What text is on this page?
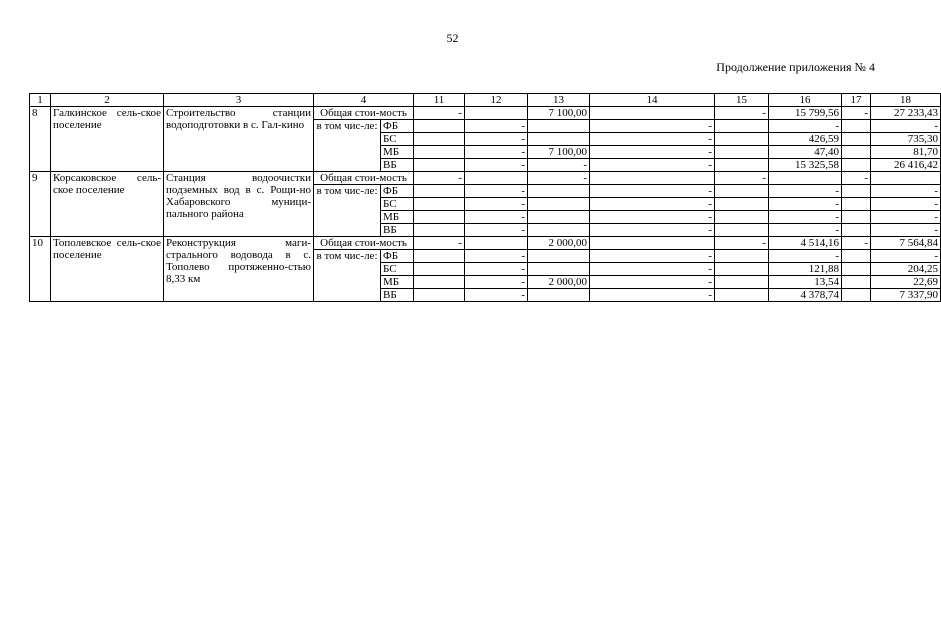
52
Продолжение приложения № 4
1	2	3	4		11	12	13	14	15	16	17	18
8	Галкинское сель-ское поселение	Строительство станции водоподготовки в с. Гал-кино	Общая стои-мость		-		7 100,00		-	15 799,56	-	27 233,43
			в том чис-ле:	ФБ		-		-		-		-
				БС		-		-		426,59		735,30
				МБ		-	7 100,00	-		47,40		81,70
				ВБ		-	-	-		15 325,58		26 416,42
9	Корсаковское сель-ское поселение	Станция водоочистки подземных вод в с. Рощи-но Хабаровского муници-пального района	Общая стои-мость		-		-		-		-	
			в том чис-ле:	ФБ		-		-		-		-
				БС		-		-		-		-
				МБ		-		-		-		-
				ВБ		-		-		-		-
10	Тополевское сель-ское поселение	Реконструкция маги-стрального водовода в с. Тополево протяженно-стью 8,33 км	Общая стои-мость		-		2 000,00		-	4 514,16	-	7 564,84
			в том чис-ле:	ФБ		-		-		-		-
				БС		-		-		121,88		204,25
				МБ		-	2 000,00	-		13,54		22,69
				ВБ		-		-		4 378,74		7 337,90
